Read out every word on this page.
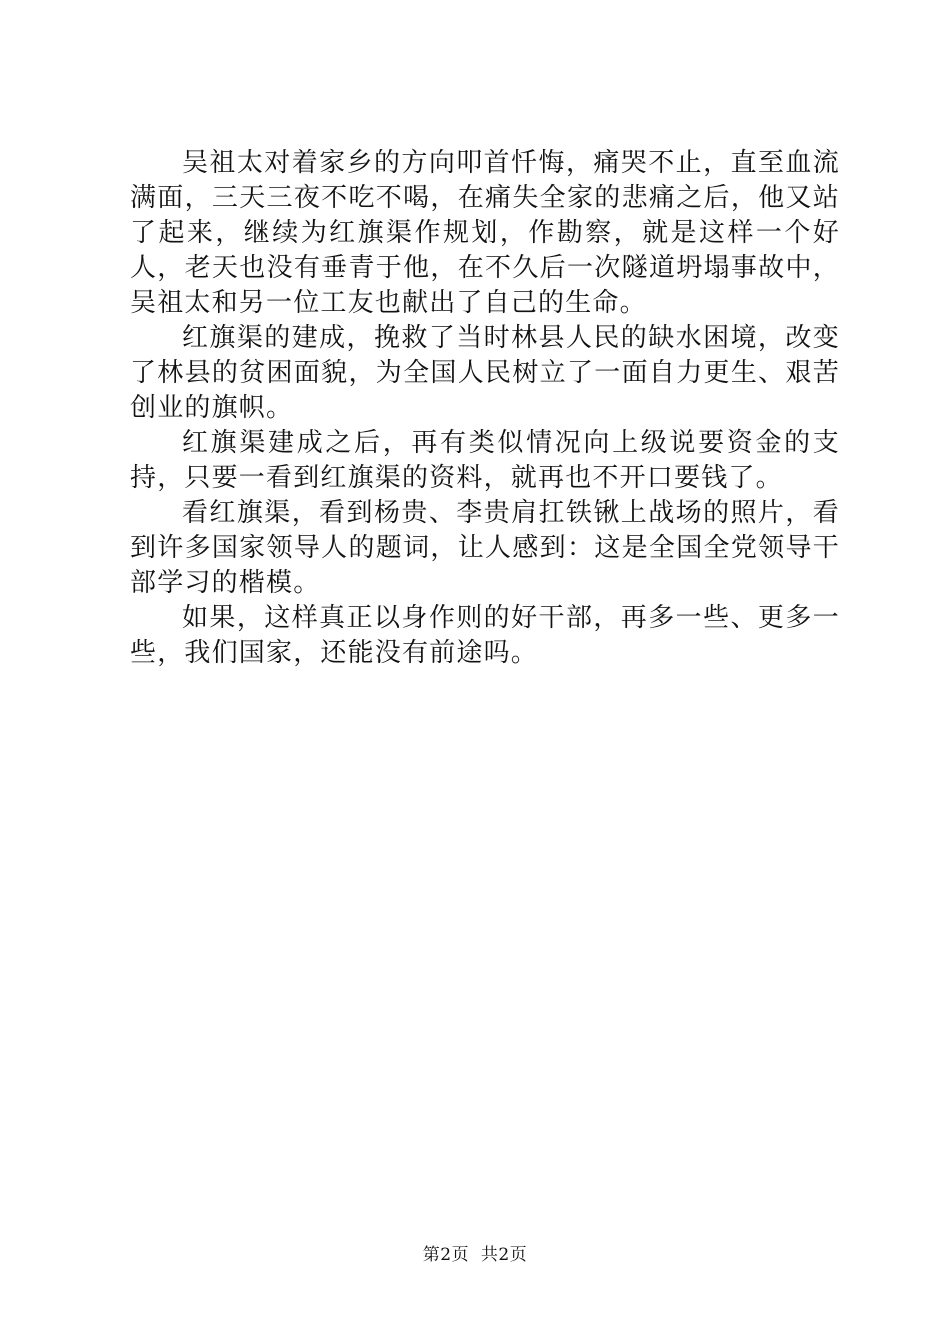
吴祖太对着家乡的方向叩首忏悔，痛哭不止，直至血流满面，三天三夜不吃不喝，在痛失全家的悲痛之后，他又站了起来，继续为红旗渠作规划，作勘察，就是这样一个好人，老天也没有垂青于他，在不久后一次隧道坍塌事故中，吴祖太和另一位工友也献出了自己的生命。

红旗渠的建成，挽救了当时林县人民的缺水困境，改变了林县的贫困面貌，为全国人民树立了一面自力更生、艰苦创业的旗帜。

红旗渠建成之后，再有类似情况向上级说要资金的支持，只要一看到红旗渠的资料，就再也不开口要钱了。

看红旗渠，看到杨贵、李贵肩扛铁锹上战场的照片，看到许多国家领导人的题词，让人感到：这是全国全党领导干部学习的楷模。

如果，这样真正以身作则的好干部，再多一些、更多一些，我们国家，还能没有前途吗。

第2页  共2页
